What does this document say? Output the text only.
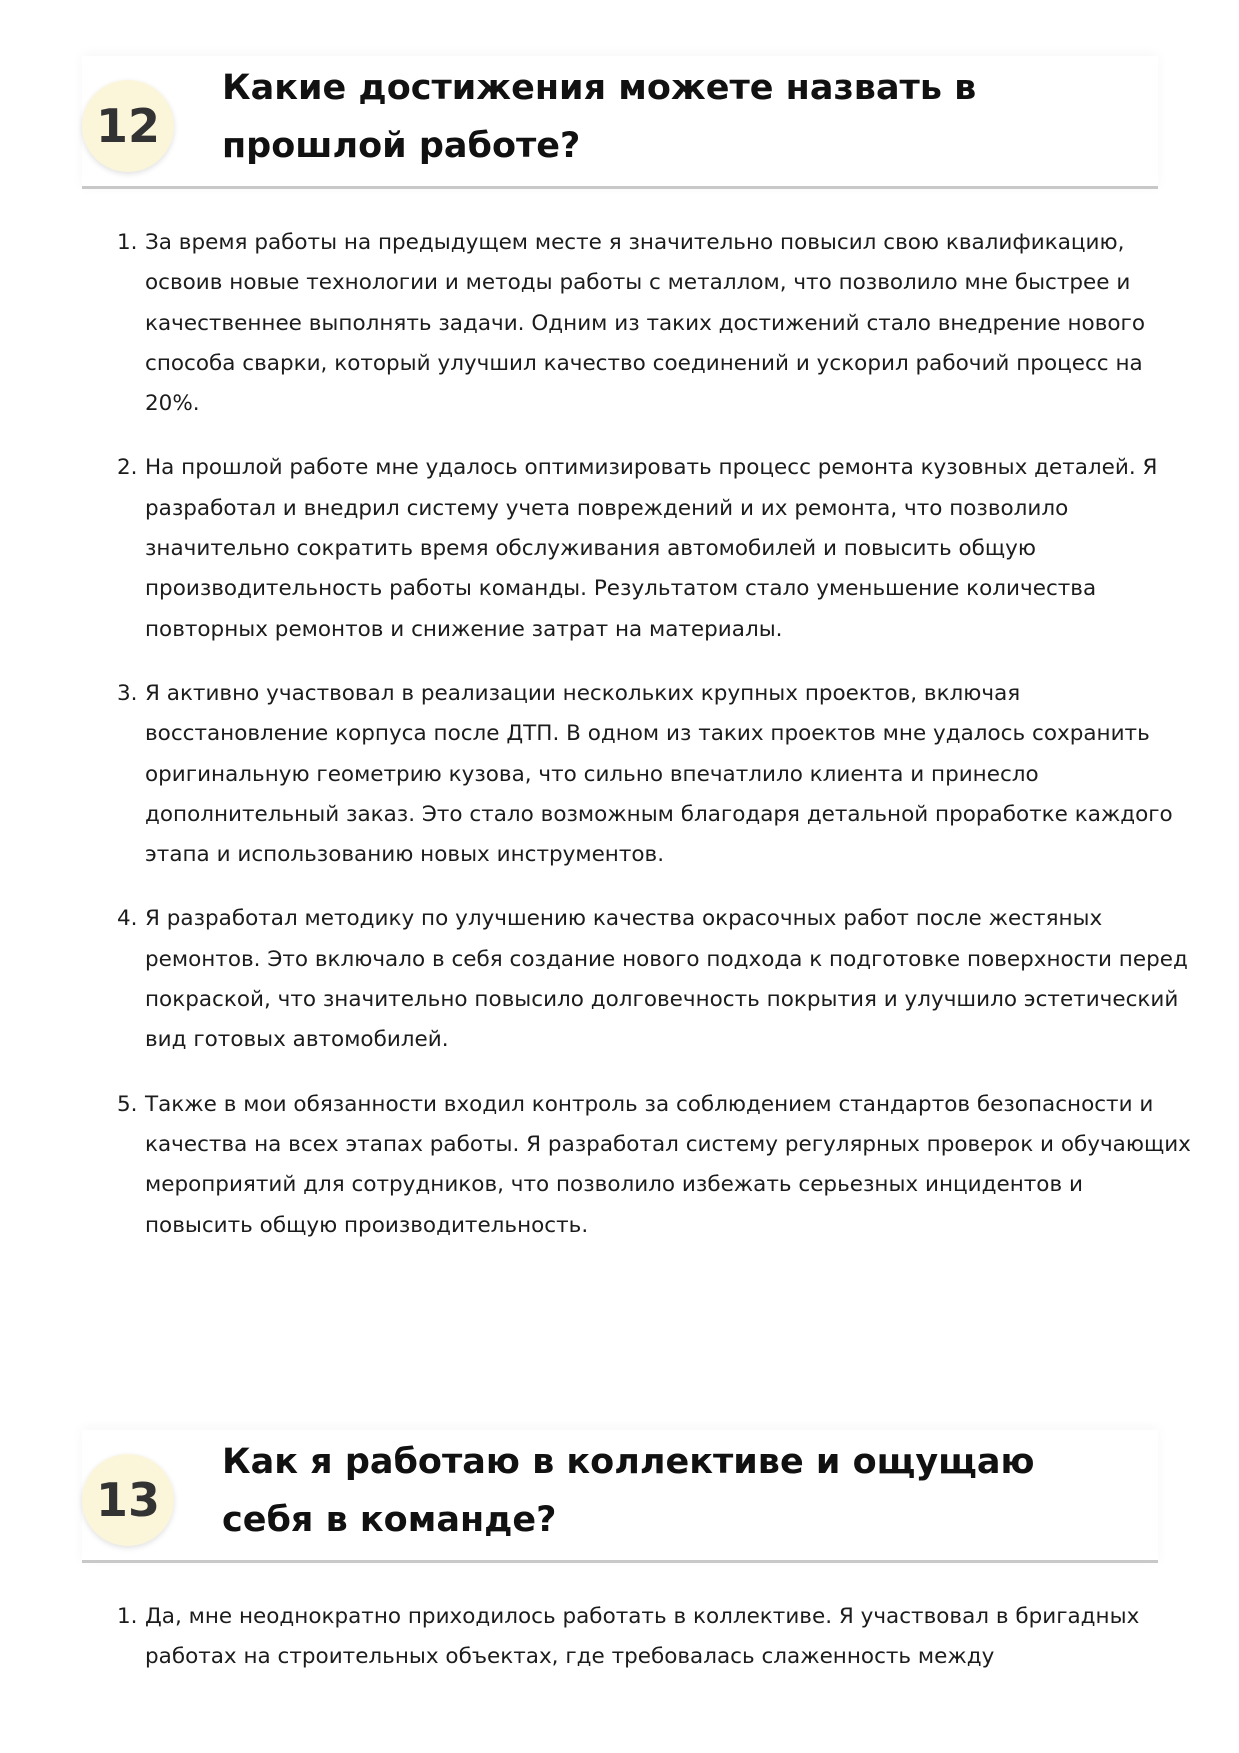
12
Какие достижения можете назвать в прошлой работе?
1. За время работы на предыдущем месте я значительно повысил свою квалификацию, освоив новые технологии и методы работы с металлом, что позволило мне быстрее и качественнее выполнять задачи. Одним из таких достижений стало внедрение нового способа сварки, который улучшил качество соединений и ускорил рабочий процесс на 20%.
2. На прошлой работе мне удалось оптимизировать процесс ремонта кузовных деталей. Я разработал и внедрил систему учета повреждений и их ремонта, что позволило значительно сократить время обслуживания автомобилей и повысить общую производительность работы команды. Результатом стало уменьшение количества повторных ремонтов и снижение затрат на материалы.
3. Я активно участвовал в реализации нескольких крупных проектов, включая восстановление корпуса после ДТП. В одном из таких проектов мне удалось сохранить оригинальную геометрию кузова, что сильно впечатлило клиента и принесло дополнительный заказ. Это стало возможным благодаря детальной проработке каждого этапа и использованию новых инструментов.
4. Я разработал методику по улучшению качества окрасочных работ после жестяных ремонтов. Это включало в себя создание нового подхода к подготовке поверхности перед покраской, что значительно повысило долговечность покрытия и улучшило эстетический вид готовых автомобилей.
5. Также в мои обязанности входил контроль за соблюдением стандартов безопасности и качества на всех этапах работы. Я разработал систему регулярных проверок и обучающих мероприятий для сотрудников, что позволило избежать серьезных инцидентов и повысить общую производительность.
13
Как я работаю в коллективе и ощущаю себя в команде?
1. Да, мне неоднократно приходилось работать в коллективе. Я участвовал в бригадных работах на строительных объектах, где требовалась слаженность между
